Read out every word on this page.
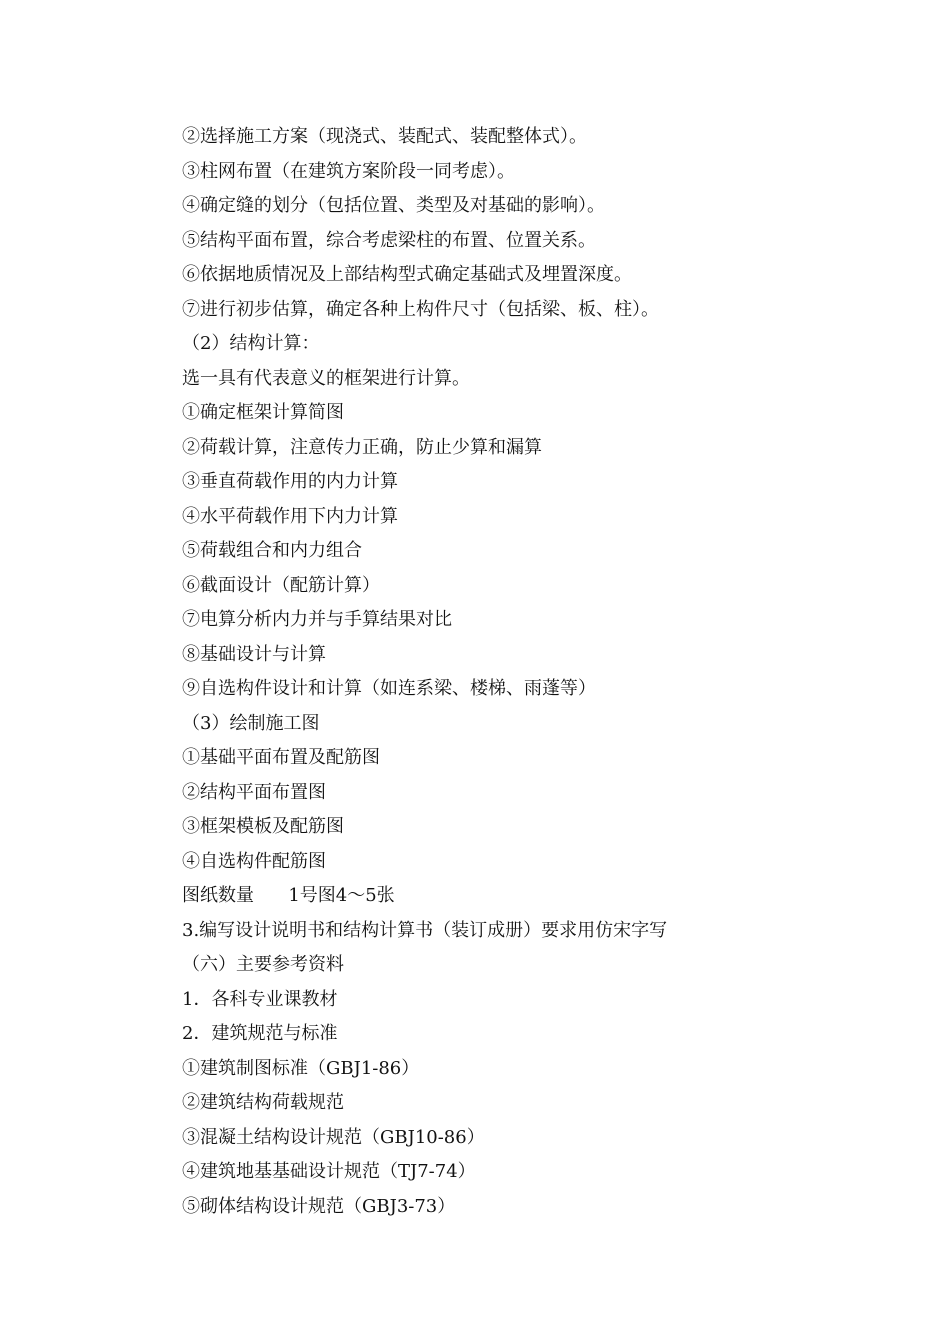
②选择施工方案（现浇式、装配式、装配整体式）。
③柱网布置（在建筑方案阶段一同考虑）。
④确定缝的划分（包括位置、类型及对基础的影响）。
⑤结构平面布置，综合考虑梁柱的布置、位置关系。
⑥依据地质情况及上部结构型式确定基础式及埋置深度。
⑦进行初步估算，确定各种上构件尺寸（包括梁、板、柱）。
（2）结构计算：
选一具有代表意义的框架进行计算。
①确定框架计算简图
②荷载计算，注意传力正确，防止少算和漏算
③垂直荷载作用的内力计算
④水平荷载作用下内力计算
⑤荷载组合和内力组合
⑥截面设计（配筋计算）
⑦电算分析内力并与手算结果对比
⑧基础设计与计算
⑨自选构件设计和计算（如连系梁、楼梯、雨蓬等）
（3）绘制施工图
①基础平面布置及配筋图
②结构平面布置图
③框架模板及配筋图
④自选构件配筋图
图纸数量      1号图4～5张
3.编写设计说明书和结构计算书（装订成册）要求用仿宋字写
（六）主要参考资料
1．各科专业课教材
2．建筑规范与标准
①建筑制图标准（GBJ1-86）
②建筑结构荷载规范
③混凝土结构设计规范（GBJ10-86）
④建筑地基基础设计规范（TJ7-74）
⑤砌体结构设计规范（GBJ3-73）
